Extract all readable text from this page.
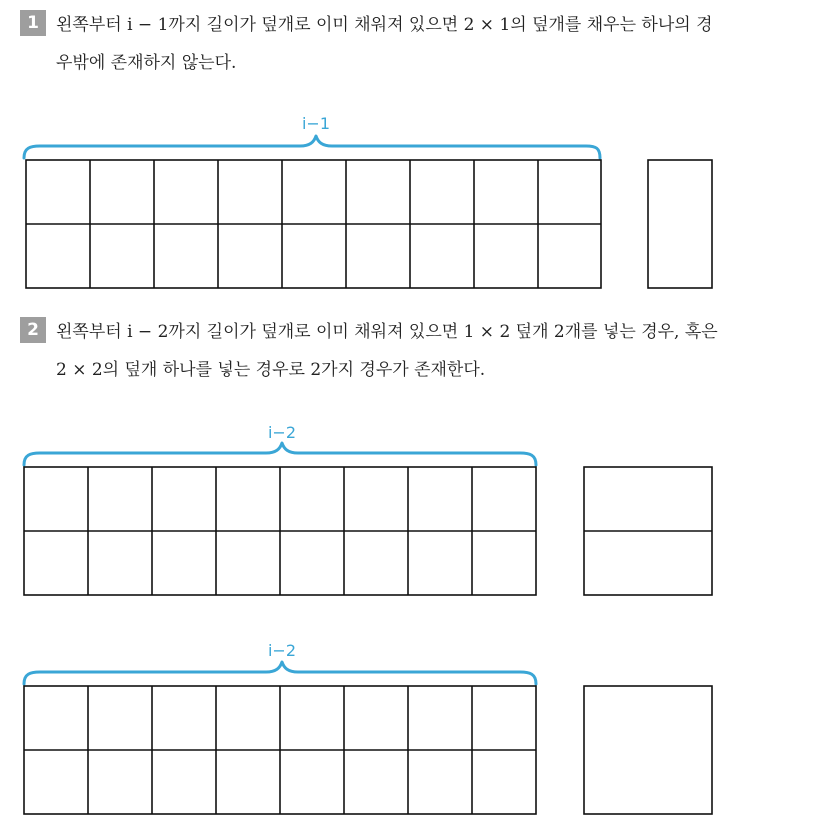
1 왼쪽부터 i − 1까지 길이가 덮개로 이미 채워져 있으면 2 × 1의 덮개를 채우는 하나의 경
우밖에 존재하지 않는다.
2 왼쪽부터 i − 2까지 길이가 덮개로 이미 채워져 있으면 1 × 2 덮개 2개를 넣는 경우, 혹은
2 × 2의 덮개 하나를 넣는 경우로 2가지 경우가 존재한다.
i−1
i−2
i−2
